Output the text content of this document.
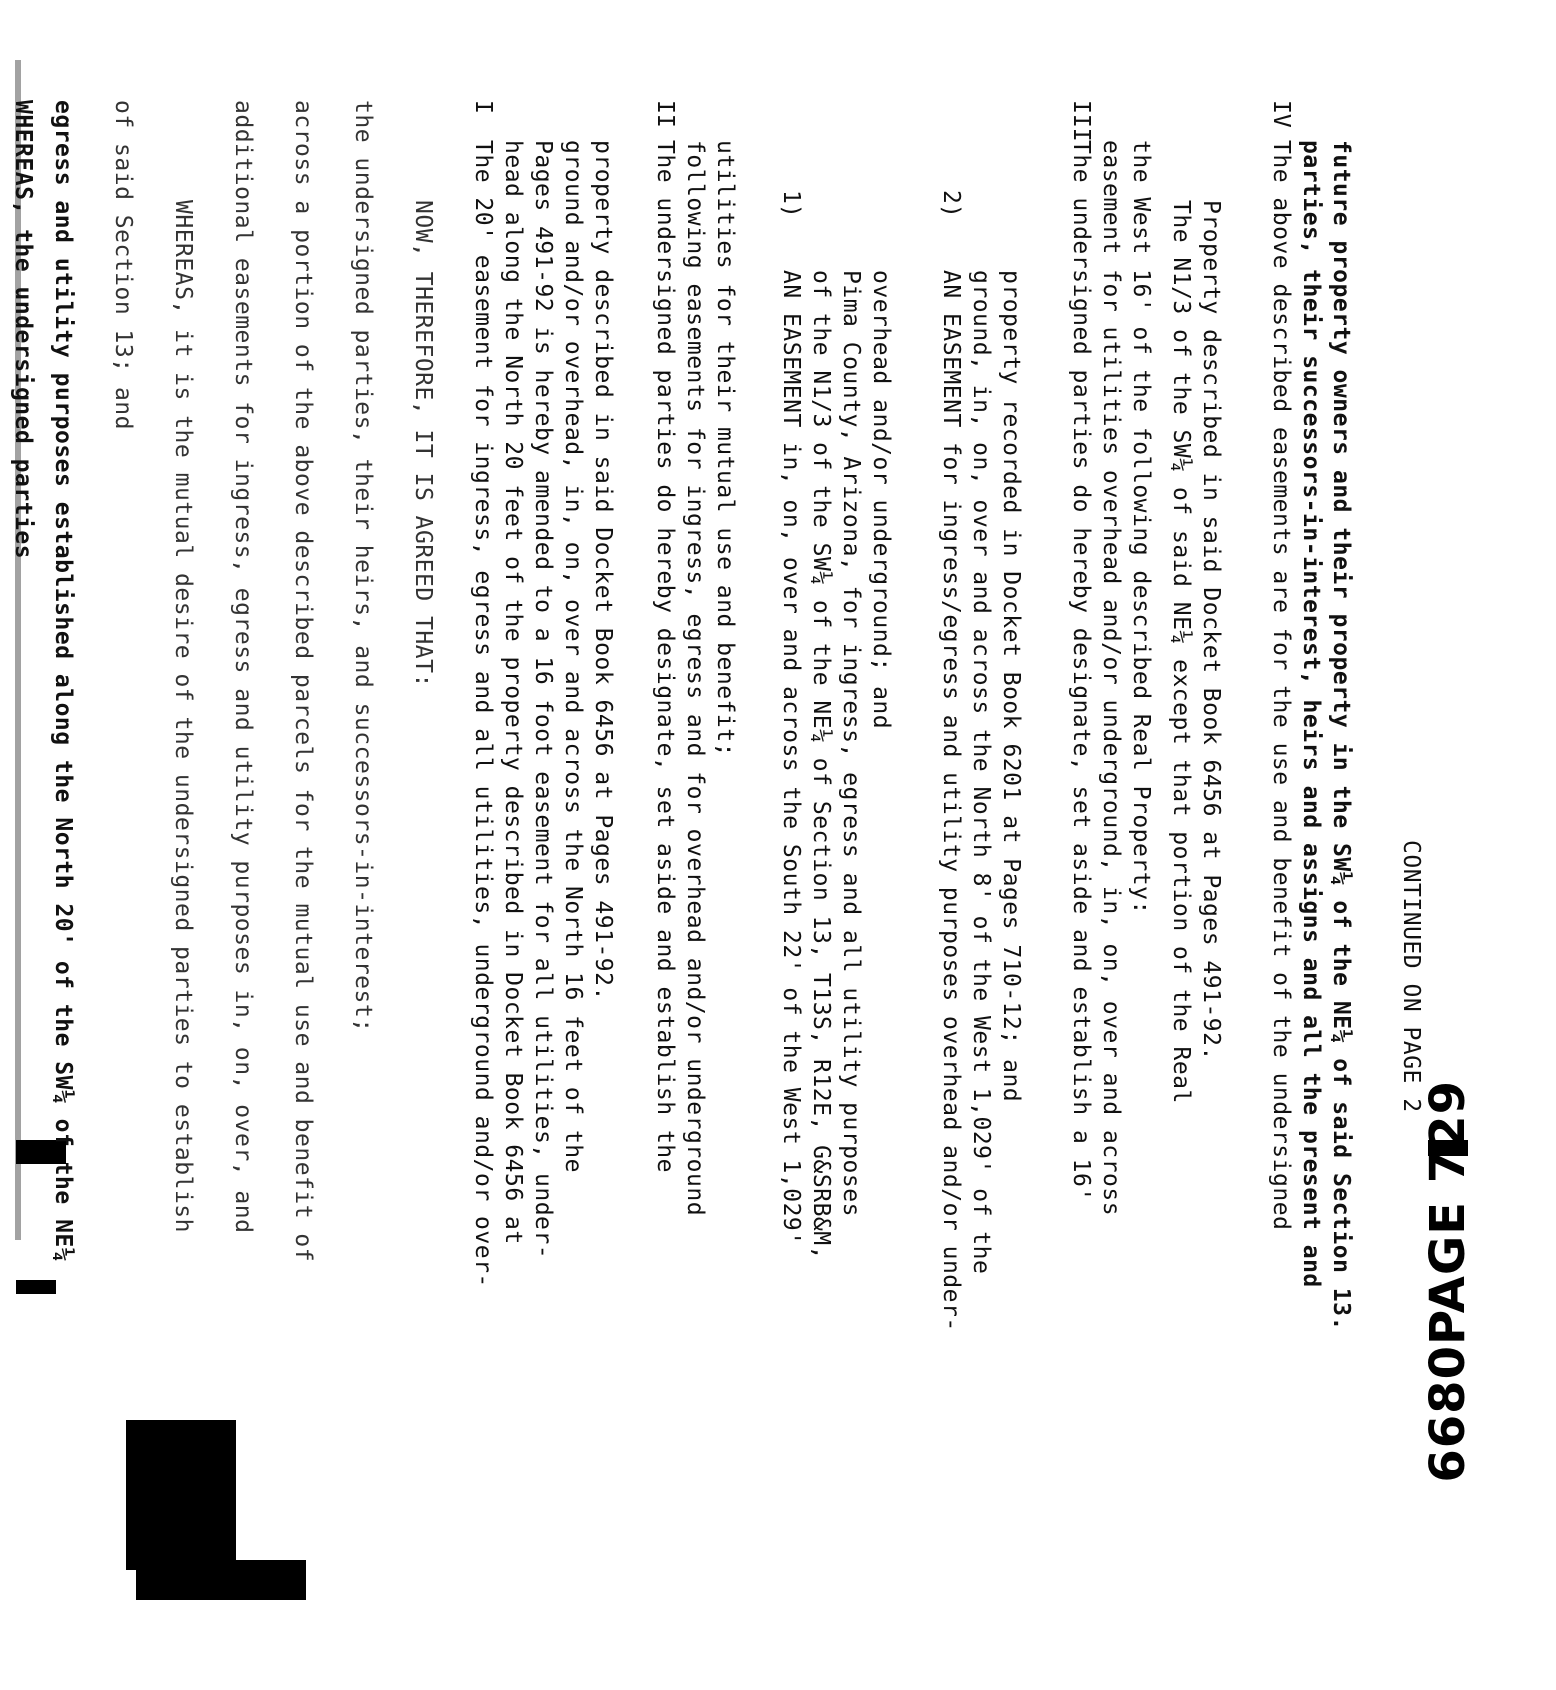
WHEREAS, the undersigned parties egress and utility purposes established along the North 20' of the SW¼ of the NE¼ of said Section 13; and WHEREAS, it is the mutual desire of the undersigned parties to establish additional easements for ingress, egress and utility purposes in, on, over, and across a portion of the above described parcels for the mutual use and benefit of the undersigned parties, their heirs, and successors-in-interest; NOW, THEREFORE, IT IS AGREED THAT:
I
The 20' easement for ingress, egress and all utilities, underground and/or over- head along the North 20 feet of the property described in Docket Book 6456 at Pages 491-92 is hereby amended to a 16 foot easement for all utilities, under- ground and/or overhead, in, on, over and across the North 16 feet of the property described in said Docket Book 6456 at Pages 491-92.
II
The undersigned parties do hereby designate, set aside and establish the following easements for ingress, egress and for overhead and/or underground utilities for their mutual use and benefit; 1)
AN EASEMENT in, on, over and across the South 22' of the West 1,029' of the N1/3 of the SW¼ of the NE¼ of Section 13, T13S, R12E, G&SRB&M, Pima County, Arizona, for ingress, egress and all utility purposes overhead and/or underground; and
2)
AN EASEMENT for ingress/egress and utility purposes overhead and/or under- ground, in, on, over and across the North 8' of the West 1,029' of the property recorded in Docket Book 6201 at Pages 710-12; and
III
The undersigned parties do hereby designate, set aside and establish a 16' easement for utilities overhead and/or underground, in, on, over and across the West 16' of the following described Real Property: The N1/3 of the SW¼ of said NE¼ except that portion of the Real Property described in said Docket Book 6456 at Pages 491-92.
IV
The above described easements are for the use and benefit of the undersigned parties, their successors-in-interest, heirs and assigns and all the present and future property owners and their property in the SW¼ of the NE¼ of said Section 13. CONTINUED ON PAGE 2
6680PAGE 729
